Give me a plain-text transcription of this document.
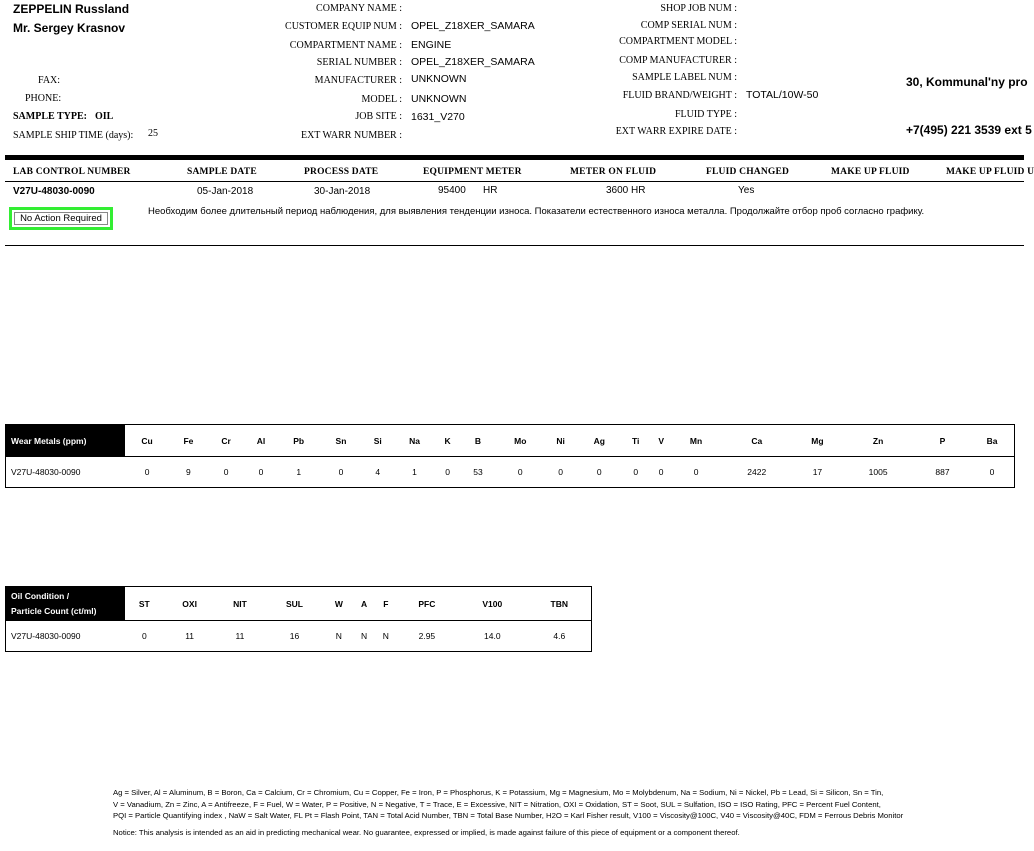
ZEPPELIN Russland
Mr. Sergey Krasnov
FAX:
PHONE:
SAMPLE TYPE: OIL
SAMPLE SHIP TIME (days): 25
COMPANY NAME :
CUSTOMER EQUIP NUM : OPEL_Z18XER_SAMARA
COMPARTMENT NAME : ENGINE
SERIAL NUMBER : OPEL_Z18XER_SAMARA
MANUFACTURER : UNKNOWN
MODEL : UNKNOWN
JOB SITE : 1631_V270
EXT WARR NUMBER :
SHOP JOB NUM :
COMP SERIAL NUM :
COMPARTMENT MODEL :
COMP MANUFACTURER :
SAMPLE LABEL NUM :
FLUID BRAND/WEIGHT : TOTAL/10W-50
FLUID TYPE :
EXT WARR EXPIRE DATE :
30, Kommunal'ny pro
+7(495) 221 3539 ext 5
LAB CONTROL NUMBER	SAMPLE DATE	PROCESS DATE	EQUIPMENT METER	METER ON FLUID	FLUID CHANGED	MAKE UP FLUID	MAKE UP FLUID U
V27U-48030-0090	05-Jan-2018	30-Jan-2018	95400 HR	3600 HR	Yes
No Action Required
Необходим более длительный период наблюдения, для выявления тенденции износа. Показатели естественного износа металла. Продолжайте отбор проб согласно графику.
Wear Metals (ppm)	Cu	Fe	Cr	Al	Pb	Sn	Si	Na	K	B	Mo	Ni	Ag	Ti	V	Mn	Ca	Mg	Zn	P	Ba
V27U-48030-0090	0	9	0	0	1	0	4	1	0	53	0	0	0	0	0	0	2422	17	1005	887	0
Oil Condition /
Particle Count (ct/ml)	ST	OXI	NIT	SUL	W	A	F	PFC	V100	TBN
V27U-48030-0090	0	11	11	16	N	N	N	2.95	14.0	4.6
Ag = Silver, Al = Aluminum, B = Boron, Ca = Calcium, Cr = Chromium, Cu = Copper, Fe = Iron, P = Phosphorus, K = Potassium, Mg = Magnesium, Mo = Molybdenum, Na = Sodium, Ni = Nickel, Pb = Lead, Si = Silicon, Sn = Tin,
V = Vanadium, Zn = Zinc, A = Antifreeze, F = Fuel, W = Water, P = Positive, N = Negative, T = Trace, E = Excessive, NIT = Nitration, OXI = Oxidation, ST = Soot, SUL = Sulfation, ISO = ISO Rating, PFC = Percent Fuel Content,
PQI = Particle Quantifying index , NaW = Salt Water, FL Pt = Flash Point, TAN = Total Acid Number, TBN = Total Base Number, H2O = Karl Fisher result, V100 = Viscosity@100C, V40 = Viscosity@40C, FDM = Ferrous Debris Monitor
Notice: This analysis is intended as an aid in predicting mechanical wear. No guarantee, expressed or implied, is made against failure of this piece of equipment or a component thereof.
